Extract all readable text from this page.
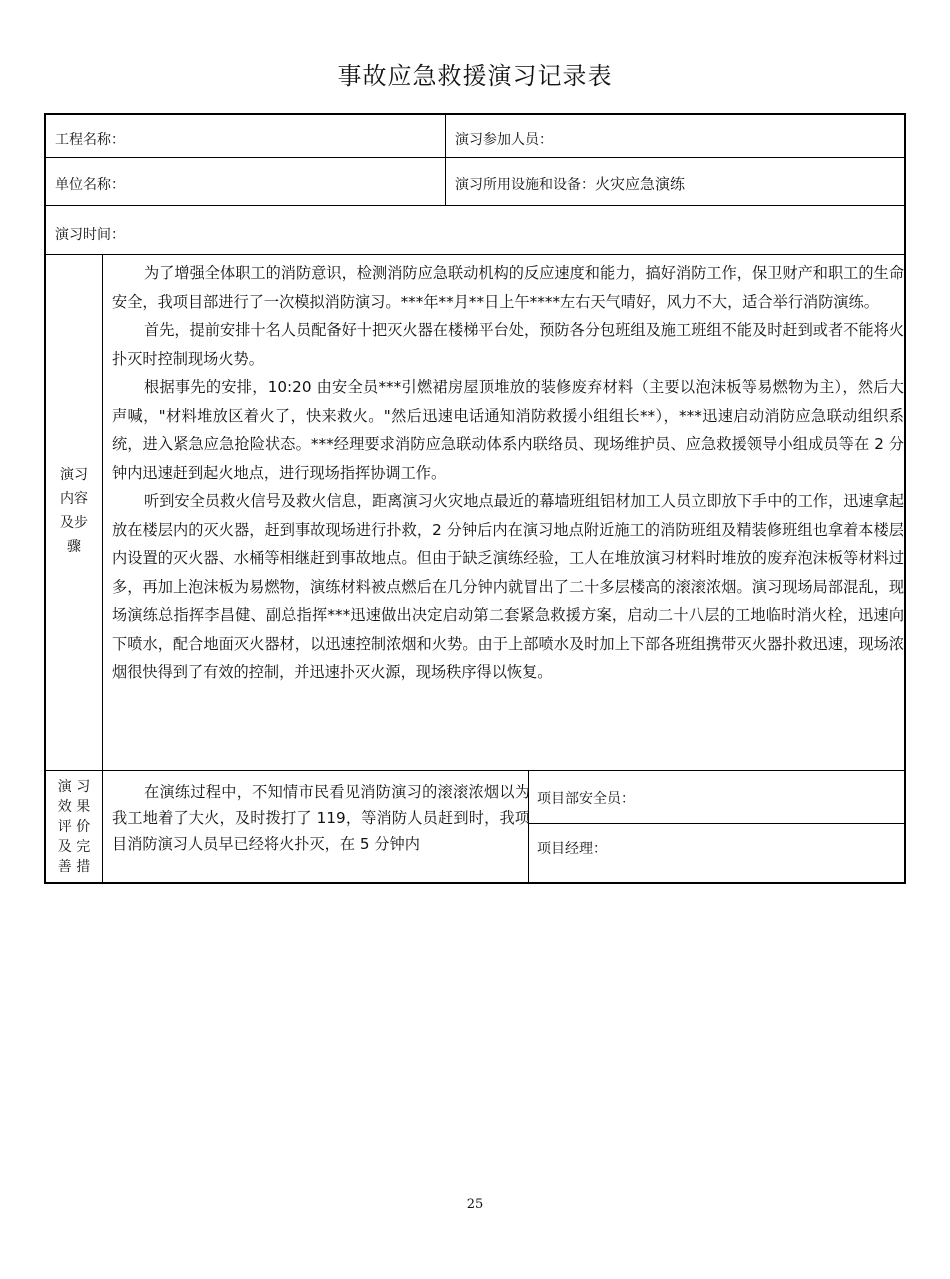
事故应急救援演习记录表
工程名称：	演习参加人员：
单位名称：	演习所用设施和设备：火灾应急演练
演习时间：
演习
内容
及步
骤
演 习
效 果
评 价
及 完
善 措
项目部安全员：
项目经理：

为了增强全体职工的消防意识，检测消防应急联动机构的反应速度和能力，搞好消防工作，保卫财产和职工的生命安全，我项目部进行了一次模拟消防演习。***年**月**日上午****左右天气晴好，风力不大，适合举行消防演练。

首先，提前安排十名人员配备好十把灭火器在楼梯平台处，预防各分包班组及施工班组不能及时赶到或者不能将火扑灭时控制现场火势。

根据事先的安排，10:20 由安全员***引燃裙房屋顶堆放的装修废弃材料（主要以泡沫板等易燃物为主），然后大声喊，"材料堆放区着火了，快来救火。"然后迅速电话通知消防救援小组组长**），***迅速启动消防应急联动组织系统，进入紧急应急抢险状态。***经理要求消防应急联动体系内联络员、现场维护员、应急救援领导小组成员等在 2 分钟内迅速赶到起火地点，进行现场指挥协调工作。

听到安全员救火信号及救火信息，距离演习火灾地点最近的幕墙班组铝材加工人员立即放下手中的工作，迅速拿起放在楼层内的灭火器，赶到事故现场进行扑救，2 分钟后内在演习地点附近施工的消防班组及精装修班组也拿着本楼层内设置的灭火器、水桶等相继赶到事故地点。但由于缺乏演练经验，工人在堆放演习材料时堆放的废弃泡沫板等材料过多，再加上泡沫板为易燃物，演练材料被点燃后在几分钟内就冒出了二十多层楼高的滚滚浓烟。演习现场局部混乱，现场演练总指挥李昌健、副总指挥***迅速做出决定启动第二套紧急救援方案，启动二十八层的工地临时消火栓，迅速向下喷水，配合地面灭火器材，以迅速控制浓烟和火势。由于上部喷水及时加上下部各班组携带灭火器扑救迅速，现场浓烟很快得到了有效的控制，并迅速扑灭火源，现场秩序得以恢复。

在演练过程中，不知情市民看见消防演习的滚滚浓烟以为我工地着了大火，及时拨打了 119，等消防人员赶到时，我项目消防演习人员早已经将火扑灭，在 5 分钟内

25
